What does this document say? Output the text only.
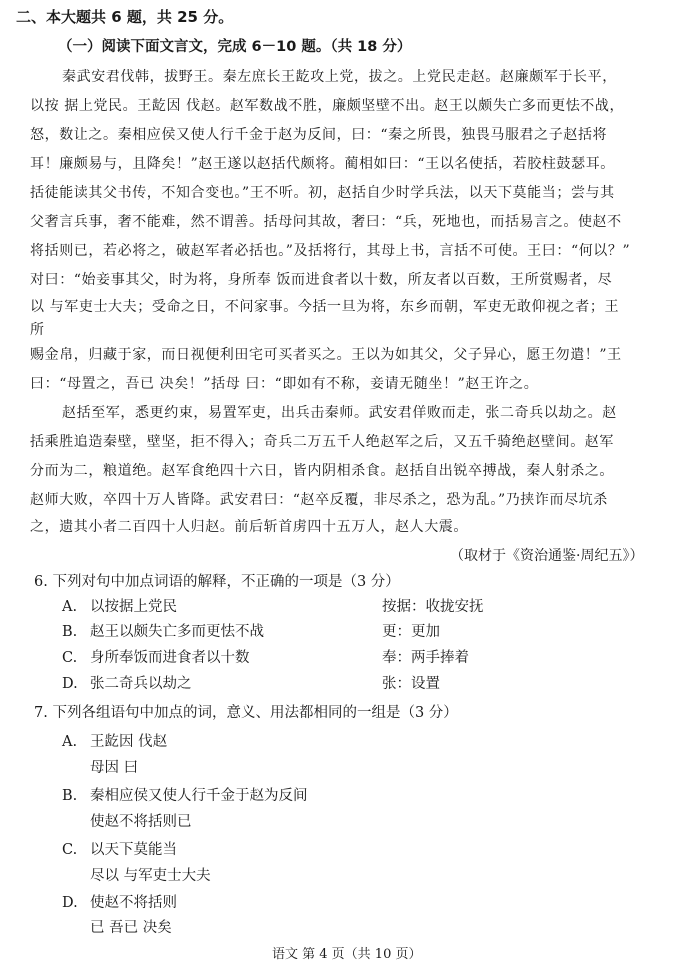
二、本大题共 6 题，共 25 分。
（一）阅读下面文言文，完成 6－10 题。（共 18 分）
秦武安君伐韩，拔野王。秦左庶长王龁攻上党，拔之。上党民走赵。赵廉颇军于长平，
以按 据上党民。王龁因 伐赵。赵军数战不胜，廉颇坚壁不出。赵王以颇失亡多而更怯不战，
怒，数让之。秦相应侯又使人行千金于赵为反间，曰：“秦之所畏，独畏马服君之子赵括将
耳！廉颇易与，且降矣！”赵王遂以赵括代颇将。蔺相如曰：“王以名使括，若胶柱鼓瑟耳。
括徒能读其父书传，不知合变也。”王不听。初，赵括自少时学兵法，以天下莫能当；尝与其
父奢言兵事，奢不能难，然不谓善。括母问其故，奢曰：“兵，死地也，而括易言之。使赵不
将括则已，若必将之，破赵军者必括也。”及括将行，其母上书，言括不可使。王曰：“何以？”
对曰：“始妾事其父，时为将，身所奉 饭而进食者以十数，所友者以百数，王所赏赐者，尽
以 与军吏士大夫；受命之日，不问家事。今括一旦为将，东乡而朝，军吏无敢仰视之者；王
所
赐金帛，归藏于家，而日视便利田宅可买者买之。王以为如其父，父子异心，愿王勿遣！”王
曰：“母置之，吾已 决矣！”括母 曰：“即如有不称，妾请无随坐！”赵王许之。
赵括至军，悉更约束，易置军吏，出兵击秦师。武安君佯败而走，张二奇兵以劫之。赵
括乘胜追造秦壁，壁坚，拒不得入；奇兵二万五千人绝赵军之后，又五千骑绝赵壁间。赵军
分而为二，粮道绝。赵军食绝四十六日，皆内阴相杀食。赵括自出锐卒搏战，秦人射杀之。
赵师大败，卒四十万人皆降。武安君曰：“赵卒反覆，非尽杀之，恐为乱。”乃挟诈而尽坑杀
之，遗其小者二百四十人归赵。前后斩首虏四十五万人，赵人大震。
（取材于《资治通鉴·周纪五》）
6. 下列对句中加点词语的解释，不正确的一项是（3 分）
A. 以按据上党民	按据：收拢安抚
B. 赵王以颇失亡多而更怯不战	更：更加
C. 身所奉饭而进食者以十数	奉：两手捧着
D. 张二奇兵以劫之	张：设置
7. 下列各组语句中加点的词，意义、用法都相同的一组是（3 分）
A. 王龁因 伐赵
母因 曰
B. 秦相应侯又使人行千金于赵为反间
使赵不将括则已
C. 以天下莫能当
尽以 与军吏士大夫
D. 使赵不将括则
已 吾已 决矣
语文 第 4 页（共 10 页）
